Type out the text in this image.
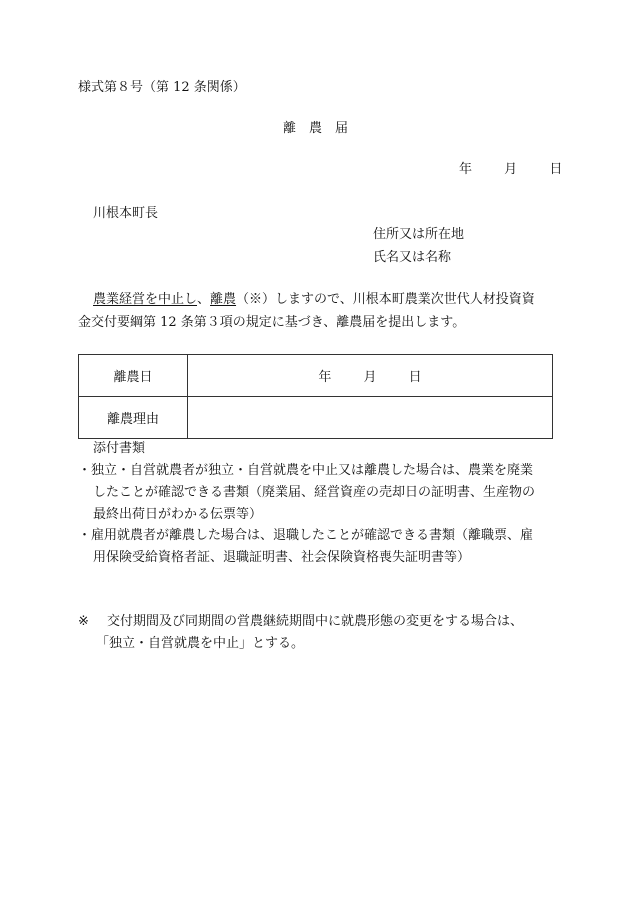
様式第８号（第 12 条関係）
離　農　届
年 月 日
川根本町長
住所又は所在地
氏名又は名称
農業経営を中止し、離農（※）しますので、川根本町農業次世代人材投資資
金交付要綱第 12 条第３項の規定に基づき、離農届を提出します。
離農日	年 月 日
離農理由	
添付書類
・独立・自営就農者が独立・自営就農を中止又は離農した場合は、農業を廃業
したことが確認できる書類（廃業届、経営資産の売却日の証明書、生産物の
最終出荷日がわかる伝票等）
・雇用就農者が離農した場合は、退職したことが確認できる書類（離職票、雇
用保険受給資格者証、退職証明書、社会保険資格喪失証明書等）
※ 交付期間及び同期間の営農継続期間中に就農形態の変更をする場合は、
「独立・自営就農を中止」とする。
